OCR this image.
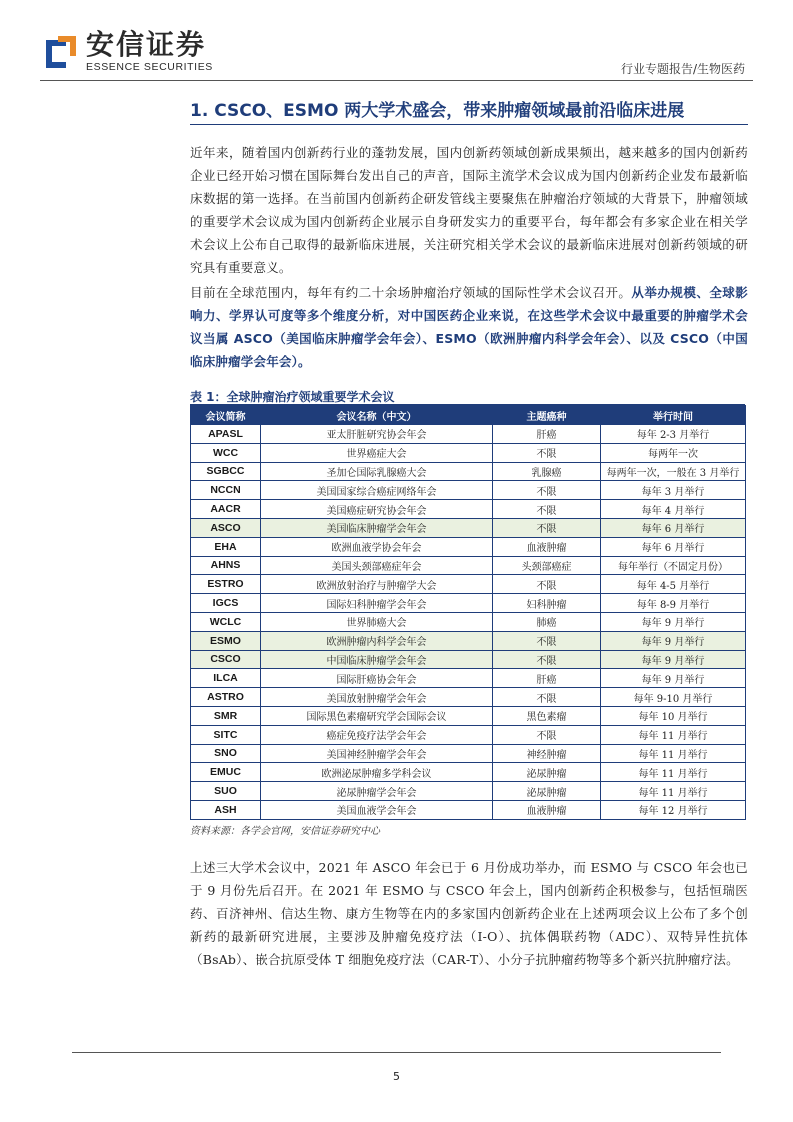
安信证券
ESSENCE SECURITIES	行业专题报告/生物医药
1. CSCO、ESMO 两大学术盛会，带来肿瘤领域最前沿临床进展
近年来，随着国内创新药行业的蓬勃发展，国内创新药领域创新成果频出，越来越多的国内创新药企业已经开始习惯在国际舞台发出自己的声音，国际主流学术会议成为国内创新药企业发布最新临床数据的第一选择。在当前国内创新药企研发管线主要聚焦在肿瘤治疗领域的大背景下，肿瘤领域的重要学术会议成为国内创新药企业展示自身研发实力的重要平台，每年都会有多家企业在相关学术会议上公布自己取得的最新临床进展，关注研究相关学术会议的最新临床进展对创新药领域的研究具有重要意义。
目前在全球范围内，每年有约二十余场肿瘤治疗领域的国际性学术会议召开。从举办规模、全球影响力、学界认可度等多个维度分析，对中国医药企业来说，在这些学术会议中最重要的肿瘤学术会议当属 ASCO（美国临床肿瘤学会年会）、ESMO（欧洲肿瘤内科学会年会）、以及 CSCO（中国临床肿瘤学会年会）。
表 1：全球肿瘤治疗领域重要学术会议
会议简称	会议名称（中文）	主题癌种	举行时间
APASL	亚太肝脏研究协会年会	肝癌	每年 2-3 月举行
WCC	世界癌症大会	不限	每两年一次
SGBCC	圣加仑国际乳腺癌大会	乳腺癌	每两年一次，一般在 3 月举行
NCCN	美国国家综合癌症网络年会	不限	每年 3 月举行
AACR	美国癌症研究协会年会	不限	每年 4 月举行
ASCO	美国临床肿瘤学会年会	不限	每年 6 月举行
EHA	欧洲血液学协会年会	血液肿瘤	每年 6 月举行
AHNS	美国头颈部癌症年会	头颈部癌症	每年举行（不固定月份）
ESTRO	欧洲放射治疗与肿瘤学大会	不限	每年 4-5 月举行
IGCS	国际妇科肿瘤学会年会	妇科肿瘤	每年 8-9 月举行
WCLC	世界肺癌大会	肺癌	每年 9 月举行
ESMO	欧洲肿瘤内科学会年会	不限	每年 9 月举行
CSCO	中国临床肿瘤学会年会	不限	每年 9 月举行
ILCA	国际肝癌协会年会	肝癌	每年 9 月举行
ASTRO	美国放射肿瘤学会年会	不限	每年 9-10 月举行
SMR	国际黑色素瘤研究学会国际会议	黑色素瘤	每年 10 月举行
SITC	癌症免疫疗法学会年会	不限	每年 11 月举行
SNO	美国神经肿瘤学会年会	神经肿瘤	每年 11 月举行
EMUC	欧洲泌尿肿瘤多学科会议	泌尿肿瘤	每年 11 月举行
SUO	泌尿肿瘤学会年会	泌尿肿瘤	每年 11 月举行
ASH	美国血液学会年会	血液肿瘤	每年 12 月举行
资料来源：各学会官网，安信证券研究中心
上述三大学术会议中，2021 年 ASCO 年会已于 6 月份成功举办，而 ESMO 与 CSCO 年会也已于 9 月份先后召开。在 2021 年 ESMO 与 CSCO 年会上，国内创新药企积极参与，包括恒瑞医药、百济神州、信达生物、康方生物等在内的多家国内创新药企业在上述两项会议上公布了多个创新药的最新研究进展，主要涉及肿瘤免疫疗法（I-O）、抗体偶联药物（ADC）、双特异性抗体（BsAb）、嵌合抗原受体 T 细胞免疫疗法（CAR-T）、小分子抗肿瘤药物等多个新兴抗肿瘤疗法。
5
